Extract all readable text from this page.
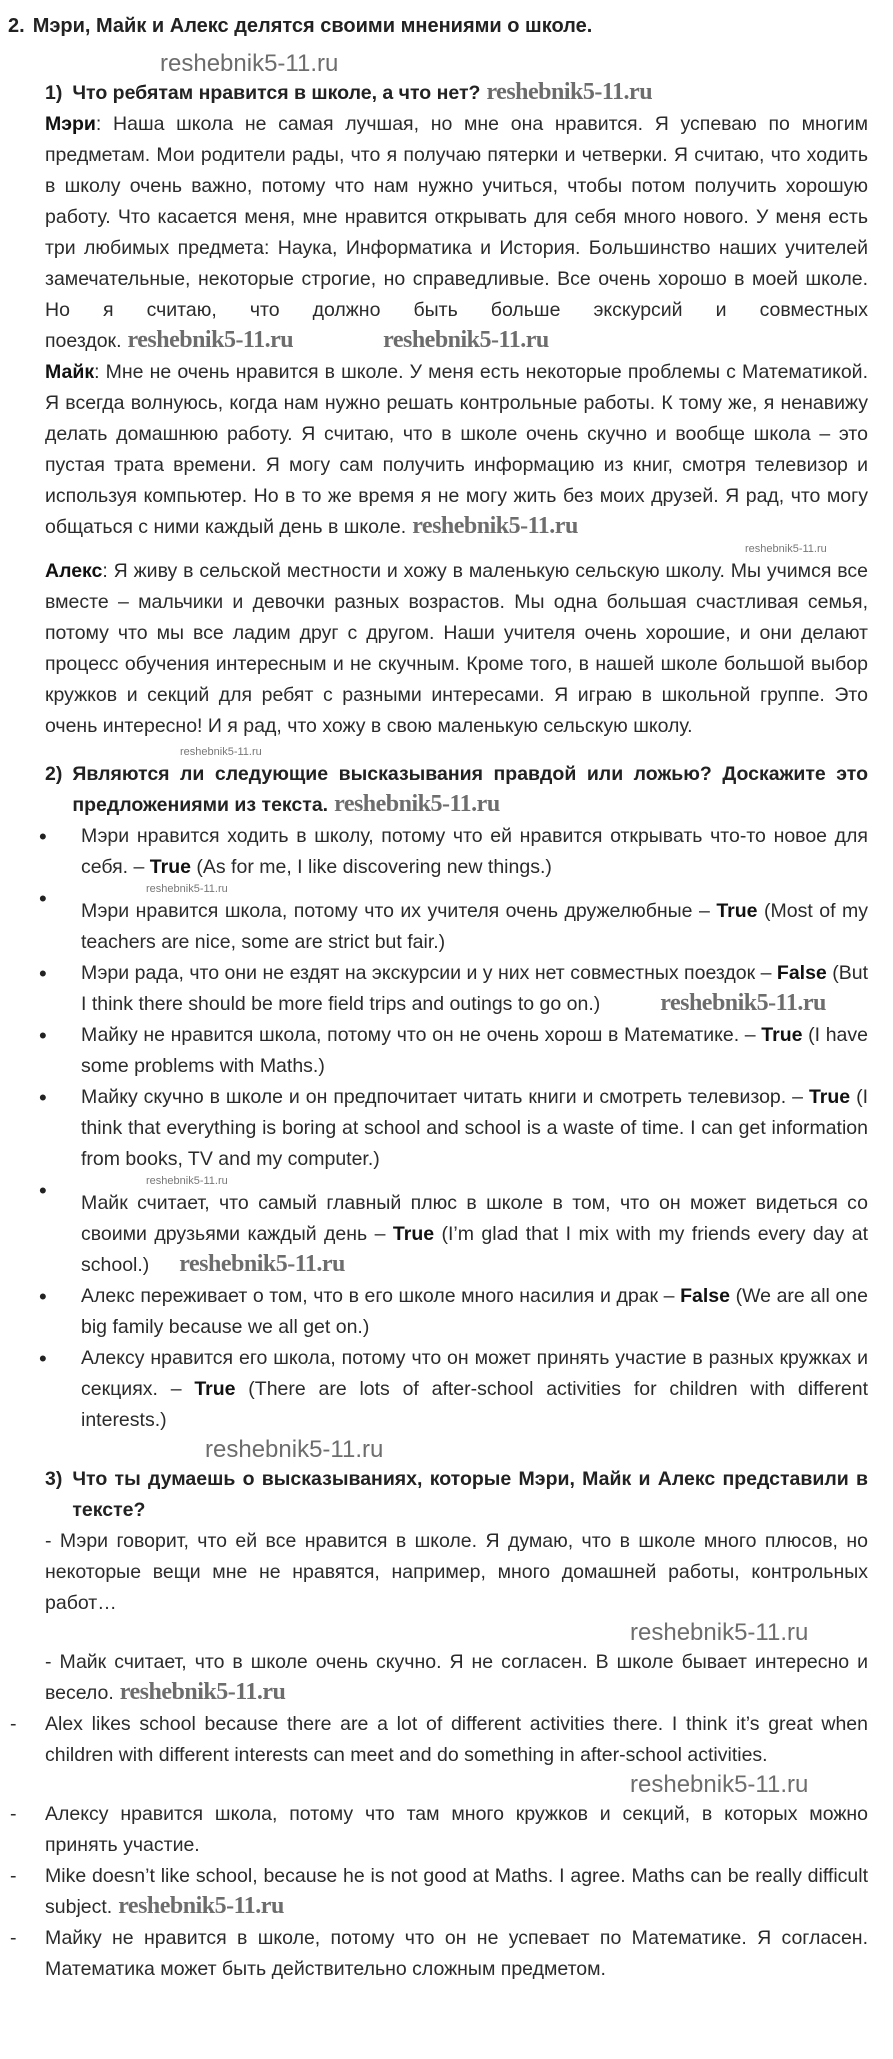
2. Мэри, Майк и Алекс делятся своими мнениями о школе.
reshebnik5-11.ru
1) Что ребятам нравится в школе, а что нет? reshebnik5-11.ru

Мэри: Наша школа не самая лучшая, но мне она нравится. Я успеваю по многим предметам. Мои родители рады, что я получаю пятерки и четверки. Я считаю, что ходить в школу очень важно, потому что нам нужно учиться, чтобы потом получить хорошую работу. Что касается меня, мне нравится открывать для себя много нового. У меня есть три любимых предмета: Наука, Информатика и История. Большинство наших учителей замечательные, некоторые строгие, но справедливые. Все очень хорошо в моей школе. Но я считаю, что должно быть больше экскурсий и совместных поездок. reshebnik5-11.ru	reshebnik5-11.ru

Майк: Мне не очень нравится в школе. У меня есть некоторые проблемы с Математикой. Я всегда волнуюсь, когда нам нужно решать контрольные работы. К тому же, я ненавижу делать домашнюю работу. Я считаю, что в школе очень скучно и вообще школа – это пустая трата времени. Я могу сам получить информацию из книг, смотря телевизор и используя компьютер. Но в то же время я не могу жить без моих друзей. Я рад, что могу общаться с ними каждый день в школе. reshebnik5-11.ru

reshebnik5-11.ru

Алекс: Я живу в сельской местности и хожу в маленькую сельскую школу. Мы учимся все вместе – мальчики и девочки разных возрастов. Мы одна большая счастливая семья, потому что мы все ладим друг с другом. Наши учителя очень хорошие, и они делают процесс обучения интересным и не скучным. Кроме того, в нашей школе большой выбор кружков и секций для ребят с разными интересами. Я играю в школьной группе. Это очень интересно! И я рад, что хожу в свою маленькую сельскую школу.

reshebnik5-11.ru
2) Являются ли следующие высказывания правдой или ложью? Доскажите это предложениями из текста. reshebnik5-11.ru
• Мэри нравится ходить в школу, потому что ей нравится открывать что-то новое для себя. – True (As for me, I like discovering new things.)
• reshebnik5-11.ru
Мэри нравится школа, потому что их учителя очень дружелюбные – True (Most of my teachers are nice, some are strict but fair.)
• Мэри рада, что они не ездят на экскурсии и у них нет совместных поездок – False (But I think there should be more field trips and outings to go on.)	reshebnik5-11.ru
• Майку не нравится школа, потому что он не очень хорош в Математике. – True (I have some problems with Maths.)
• Майку скучно в школе и он предпочитает читать книги и смотреть телевизор. – True (I think that everything is boring at school and school is a waste of time. I can get information from books, TV and my computer.)
• reshebnik5-11.ru
Майк считает, что самый главный плюс в школе в том, что он может видеться со своими друзьями каждый день – True (I’m glad that I mix with my friends every day at school.) reshebnik5-11.ru
• Алекс переживает о том, что в его школе много насилия и драк – False (We are all one big family because we all get on.)
• Алексу нравится его школа, потому что он может принять участие в разных кружках и секциях. – True (There are lots of after-school activities for children with different interests.)
reshebnik5-11.ru
3) Что ты думаешь о высказываниях, которые Мэри, Майк и Алекс представили в тексте?

- Мэри говорит, что ей все нравится в школе. Я думаю, что в школе много плюсов, но некоторые вещи мне не нравятся, например, много домашней работы, контрольных работ…

reshebnik5-11.ru

- Майк считает, что в школе очень скучно. Я не согласен. В школе бывает интересно и весело. reshebnik5-11.ru

- Alex likes school because there are a lot of different activities there. I think it’s great when children with different interests can meet and do something in after-school activities.

reshebnik5-11.ru

- Алексу нравится школа, потому что там много кружков и секций, в которых можно принять участие.

- Mike doesn’t like school, because he is not good at Maths. I agree. Maths can be really difficult subject. reshebnik5-11.ru

- Майку не нравится в школе, потому что он не успевает по Математике. Я согласен. Математика может быть действительно сложным предметом.
